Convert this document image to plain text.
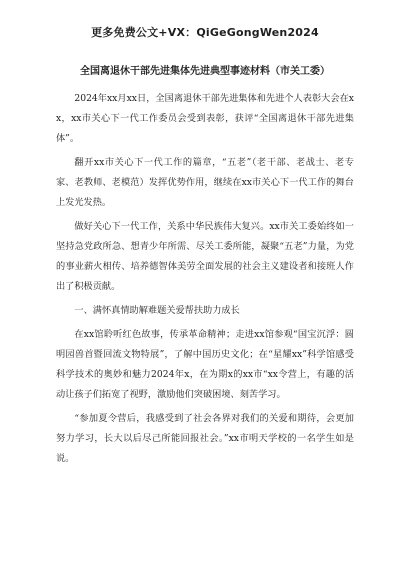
更多免费公文+VX：QiGeGongWen2024
全国离退休干部先进集体先进典型事迹材料（市关工委）

2024年xx月xx日，全国离退休干部先进集体和先进个人表彰大会在xx，xx市关心下一代工作委员会受到表彰，获评“全国离退休干部先进集体”。

翻开xx市关心下一代工作的篇章，“五老”（老干部、老战士、老专家、老教师、老模范）发挥优势作用，继续在xx市关心下一代工作的舞台上发光发热。

做好关心下一代工作，关系中华民族伟大复兴。xx市关工委始终如一坚持急党政所急、想青少年所需、尽关工委所能，凝聚“五老”力量，为党的事业薪火相传、培养德智体美劳全面发展的社会主义建设者和接班人作出了积极贡献。

一、满怀真情助解难题关爱帮扶助力成长

在xx馆聆听红色故事，传承革命精神；走进xx馆参观“国宝沉浮：圆明园兽首暨回流文物特展”，了解中国历史文化；在“星耀xx”科学馆感受科学技术的奥妙和魅力2024年x，在为期x的xx市“xx令营上，有趣的活动让孩子们拓宽了视野，激励他们突破困境、刻苦学习。

“参加夏令营后，我感受到了社会各界对我们的关爱和期待，会更加努力学习，长大以后尽己所能回报社会。”xx市明天学校的一名学生如是说。
